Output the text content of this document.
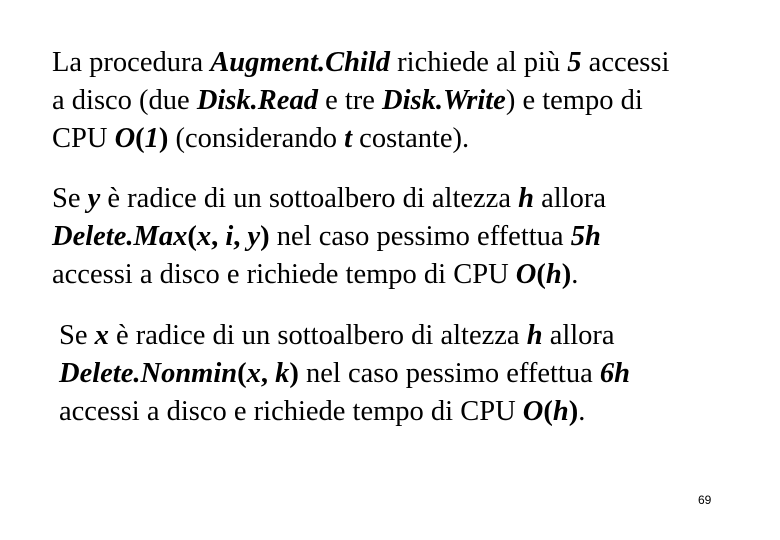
La procedura Augment.Child richiede al più 5 accessi
a disco (due Disk.Read e tre Disk.Write) e tempo di
CPU O(1) (considerando t costante).
Se y è radice di un sottoalbero di altezza h allora
Delete.Max(x, i, y) nel caso pessimo effettua 5h
accessi a disco e richiede tempo di CPU O(h).
Se x è radice di un sottoalbero di altezza h allora
Delete.Nonmin(x, k) nel caso pessimo effettua 6h
accessi a disco e richiede tempo di CPU O(h).
69
